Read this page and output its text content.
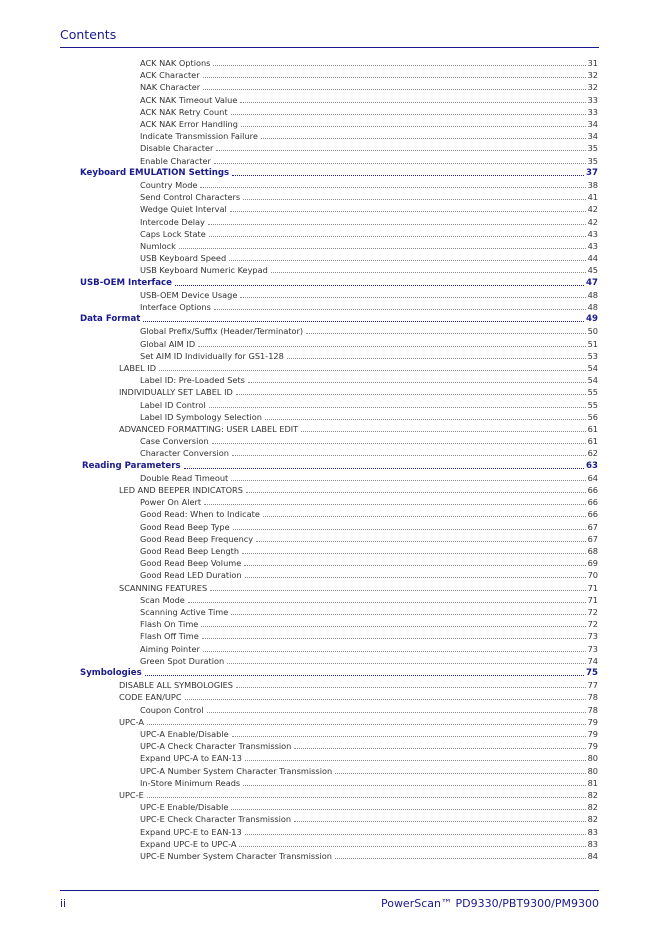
Contents
ACK NAK Options	31
ACK Character	32
NAK Character	32
ACK NAK Timeout Value	33
ACK NAK Retry Count	33
ACK NAK Error Handling	34
Indicate Transmission Failure	34
Disable Character	35
Enable Character	35
Keyboard EMULATION Settings	37
Country Mode	38
Send Control Characters	41
Wedge Quiet Interval	42
Intercode Delay	42
Caps Lock State	43
Numlock	43
USB Keyboard Speed	44
USB Keyboard Numeric Keypad	45
USB-OEM Interface	47
USB-OEM Device Usage	48
Interface Options	48
Data Format	49
Global Prefix/Suffix (Header/Terminator)	50
Global AIM ID	51
Set AIM ID Individually for GS1-128	53
LABEL ID	54
Label ID: Pre-Loaded Sets	54
INDIVIDUALLY SET LABEL ID	55
Label ID Control	55
Label ID Symbology Selection	56
ADVANCED FORMATTING: USER LABEL EDIT	61
Case Conversion	61
Character Conversion	62
Reading Parameters	63
Double Read Timeout	64
LED AND BEEPER INDICATORS	66
Power On Alert	66
Good Read: When to Indicate	66
Good Read Beep Type	67
Good Read Beep Frequency	67
Good Read Beep Length	68
Good Read Beep Volume	69
Good Read LED Duration	70
SCANNING FEATURES	71
Scan Mode	71
Scanning Active Time	72
Flash On Time	72
Flash Off Time	73
Aiming Pointer	73
Green Spot Duration	74
Symbologies	75
DISABLE ALL SYMBOLOGIES	77
CODE EAN/UPC	78
Coupon Control	78
UPC-A	79
UPC-A Enable/Disable	79
UPC-A Check Character Transmission	79
Expand UPC-A to EAN-13	80
UPC-A Number System Character Transmission	80
In-Store Minimum Reads	81
UPC-E	82
UPC-E Enable/Disable	82
UPC-E Check Character Transmission	82
Expand UPC-E to EAN-13	83
Expand UPC-E to UPC-A	83
UPC-E Number System Character Transmission	84
ii	PowerScan™ PD9330/PBT9300/PM9300
